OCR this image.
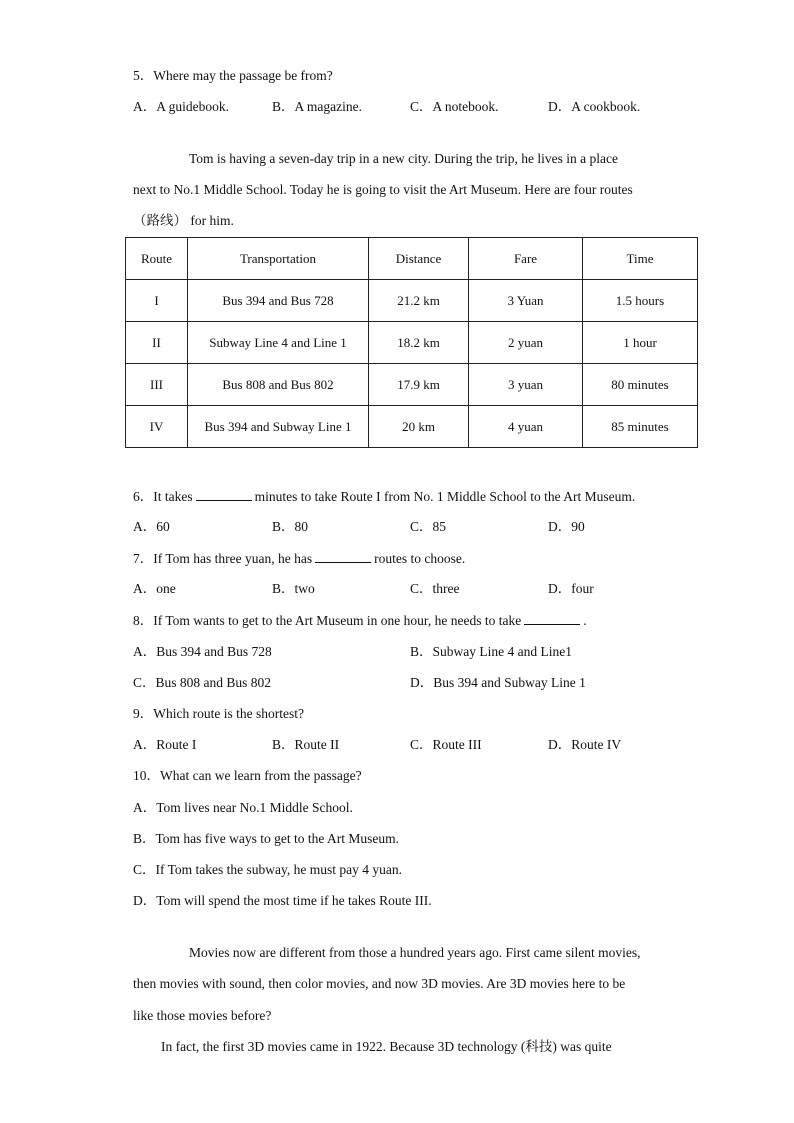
5．Where may the passage be from?
A．A guidebook.	B．A magazine.	C．A notebook.	D．A cookbook.
Tom is having a seven-day trip in a new city. During the trip, he lives in a place
next to No.1 Middle School. Today he is going to visit the Art Museum. Here are four routes
（路线） for him.
Route	Transportation	Distance	Fare	Time
I	Bus 394 and Bus 728	21.2 km	3 Yuan	1.5 hours
II	Subway Line 4 and Line 1	18.2 km	2 yuan	1 hour
III	Bus 808 and Bus 802	17.9 km	3 yuan	80 minutes
IV	Bus 394 and Subway Line 1	20 km	4 yuan	85 minutes
6．It takes	minutes to take Route I from No. 1 Middle School to the Art Museum.
A．60	B．80	C．85	D．90
7．If Tom has three yuan, he has	routes to choose.
A．one	B．two	C．three	D．four
8．If Tom wants to get to the Art Museum in one hour, he needs to take	.
A．Bus 394 and Bus 728	B．Subway Line 4 and Line1
C．Bus 808 and Bus 802	D．Bus 394 and Subway Line 1
9．Which route is the shortest?
A．Route I	B．Route II	C．Route III	D．Route IV
10．What can we learn from the passage?
A．Tom lives near No.1 Middle School.
B．Tom has five ways to get to the Art Museum.
C．If Tom takes the subway, he must pay 4 yuan.
D．Tom will spend the most time if he takes Route III.
Movies now are different from those a hundred years ago. First came silent movies,
then movies with sound, then color movies, and now 3D movies. Are 3D movies here to be
like those movies before?
In fact, the first 3D movies came in 1922. Because 3D technology (科技) was quite
